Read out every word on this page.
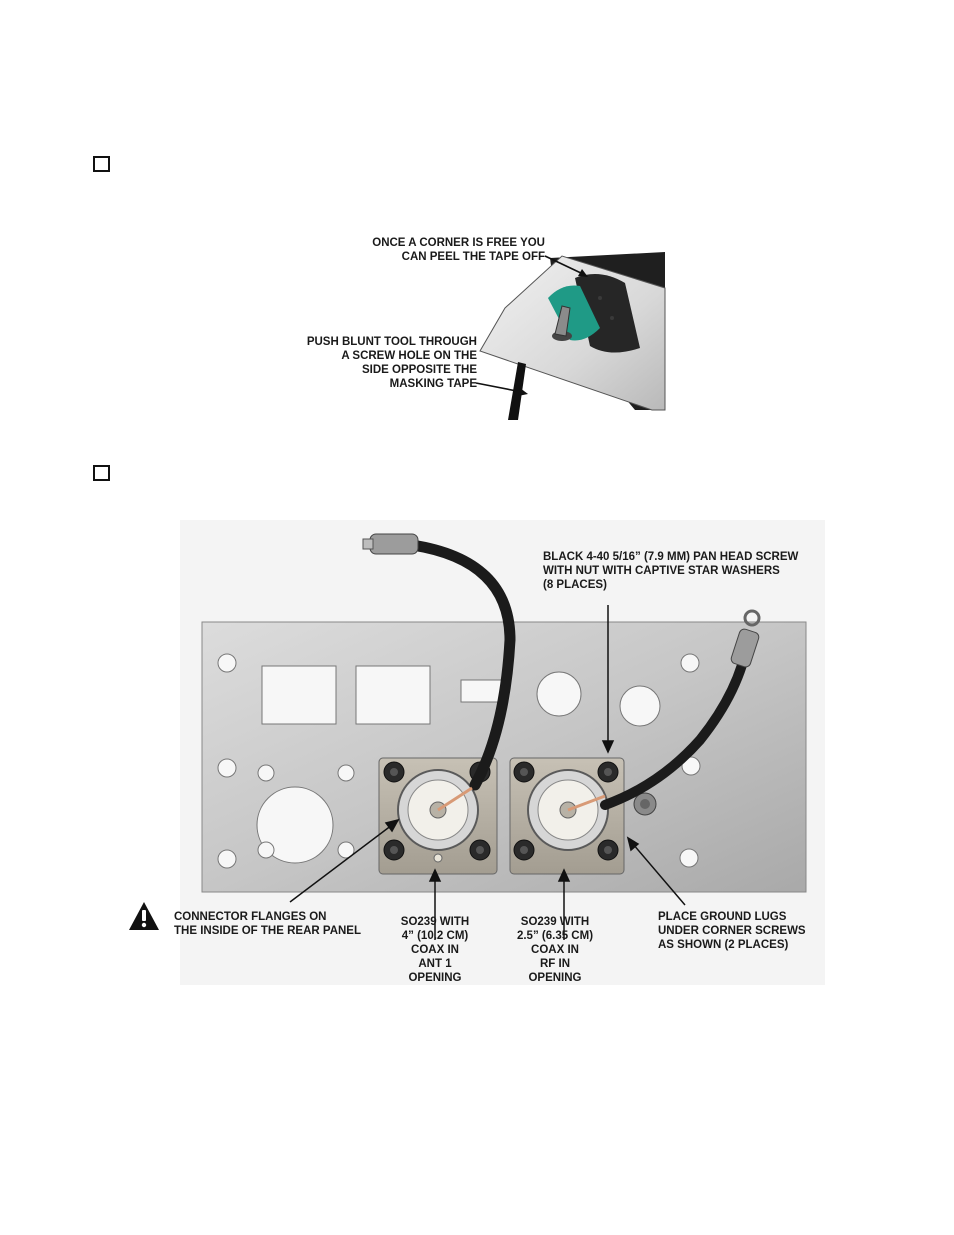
ONCE A CORNER IS FREE YOU
CAN PEEL THE TAPE OFF
PUSH BLUNT TOOL THROUGH
A SCREW HOLE ON THE
SIDE OPPOSITE THE
MASKING TAPE
BLACK 4-40 5/16” (7.9 MM) PAN HEAD SCREW
WITH NUT WITH CAPTIVE STAR WASHERS
(8 PLACES)
CONNECTOR FLANGES ON
THE INSIDE OF THE REAR PANEL
SO239 WITH
4” (10.2 CM)
COAX IN
ANT 1
OPENING
SO239 WITH
2.5” (6.35 CM)
COAX IN
RF IN
OPENING
PLACE GROUND LUGS
UNDER CORNER SCREWS
AS SHOWN (2 PLACES)
